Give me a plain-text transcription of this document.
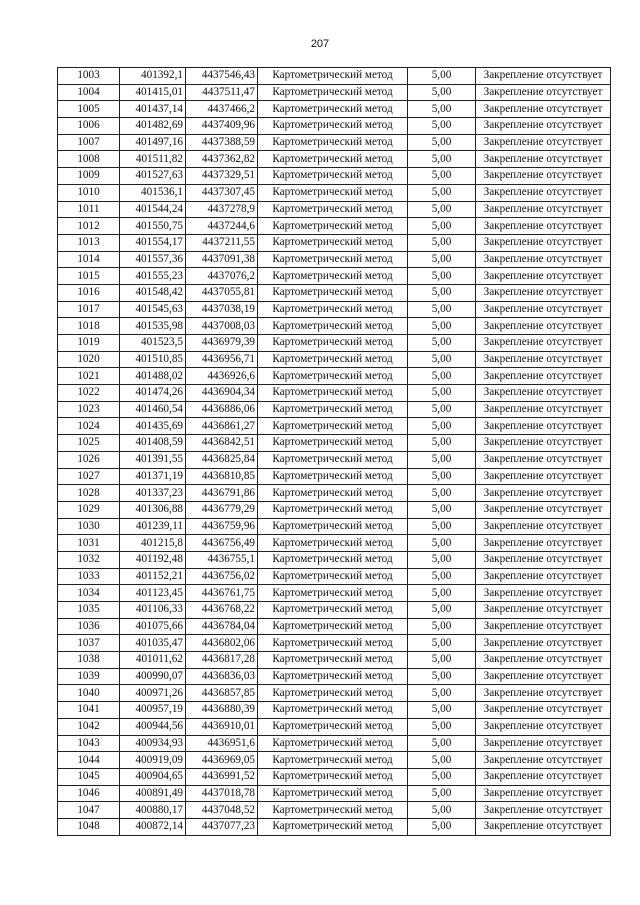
207
1003	401392,1	4437546,43	Картометрический метод	5,00	Закрепление отсутствует
1004	401415,01	4437511,47	Картометрический метод	5,00	Закрепление отсутствует
1005	401437,14	4437466,2	Картометрический метод	5,00	Закрепление отсутствует
1006	401482,69	4437409,96	Картометрический метод	5,00	Закрепление отсутствует
1007	401497,16	4437388,59	Картометрический метод	5,00	Закрепление отсутствует
1008	401511,82	4437362,82	Картометрический метод	5,00	Закрепление отсутствует
1009	401527,63	4437329,51	Картометрический метод	5,00	Закрепление отсутствует
1010	401536,1	4437307,45	Картометрический метод	5,00	Закрепление отсутствует
1011	401544,24	4437278,9	Картометрический метод	5,00	Закрепление отсутствует
1012	401550,75	4437244,6	Картометрический метод	5,00	Закрепление отсутствует
1013	401554,17	4437211,55	Картометрический метод	5,00	Закрепление отсутствует
1014	401557,36	4437091,38	Картометрический метод	5,00	Закрепление отсутствует
1015	401555,23	4437076,2	Картометрический метод	5,00	Закрепление отсутствует
1016	401548,42	4437055,81	Картометрический метод	5,00	Закрепление отсутствует
1017	401545,63	4437038,19	Картометрический метод	5,00	Закрепление отсутствует
1018	401535,98	4437008,03	Картометрический метод	5,00	Закрепление отсутствует
1019	401523,5	4436979,39	Картометрический метод	5,00	Закрепление отсутствует
1020	401510,85	4436956,71	Картометрический метод	5,00	Закрепление отсутствует
1021	401488,02	4436926,6	Картометрический метод	5,00	Закрепление отсутствует
1022	401474,26	4436904,34	Картометрический метод	5,00	Закрепление отсутствует
1023	401460,54	4436886,06	Картометрический метод	5,00	Закрепление отсутствует
1024	401435,69	4436861,27	Картометрический метод	5,00	Закрепление отсутствует
1025	401408,59	4436842,51	Картометрический метод	5,00	Закрепление отсутствует
1026	401391,55	4436825,84	Картометрический метод	5,00	Закрепление отсутствует
1027	401371,19	4436810,85	Картометрический метод	5,00	Закрепление отсутствует
1028	401337,23	4436791,86	Картометрический метод	5,00	Закрепление отсутствует
1029	401306,88	4436779,29	Картометрический метод	5,00	Закрепление отсутствует
1030	401239,11	4436759,96	Картометрический метод	5,00	Закрепление отсутствует
1031	401215,8	4436756,49	Картометрический метод	5,00	Закрепление отсутствует
1032	401192,48	4436755,1	Картометрический метод	5,00	Закрепление отсутствует
1033	401152,21	4436756,02	Картометрический метод	5,00	Закрепление отсутствует
1034	401123,45	4436761,75	Картометрический метод	5,00	Закрепление отсутствует
1035	401106,33	4436768,22	Картометрический метод	5,00	Закрепление отсутствует
1036	401075,66	4436784,04	Картометрический метод	5,00	Закрепление отсутствует
1037	401035,47	4436802,06	Картометрический метод	5,00	Закрепление отсутствует
1038	401011,62	4436817,28	Картометрический метод	5,00	Закрепление отсутствует
1039	400990,07	4436836,03	Картометрический метод	5,00	Закрепление отсутствует
1040	400971,26	4436857,85	Картометрический метод	5,00	Закрепление отсутствует
1041	400957,19	4436880,39	Картометрический метод	5,00	Закрепление отсутствует
1042	400944,56	4436910,01	Картометрический метод	5,00	Закрепление отсутствует
1043	400934,93	4436951,6	Картометрический метод	5,00	Закрепление отсутствует
1044	400919,09	4436969,05	Картометрический метод	5,00	Закрепление отсутствует
1045	400904,65	4436991,52	Картометрический метод	5,00	Закрепление отсутствует
1046	400891,49	4437018,78	Картометрический метод	5,00	Закрепление отсутствует
1047	400880,17	4437048,52	Картометрический метод	5,00	Закрепление отсутствует
1048	400872,14	4437077,23	Картометрический метод	5,00	Закрепление отсутствует
